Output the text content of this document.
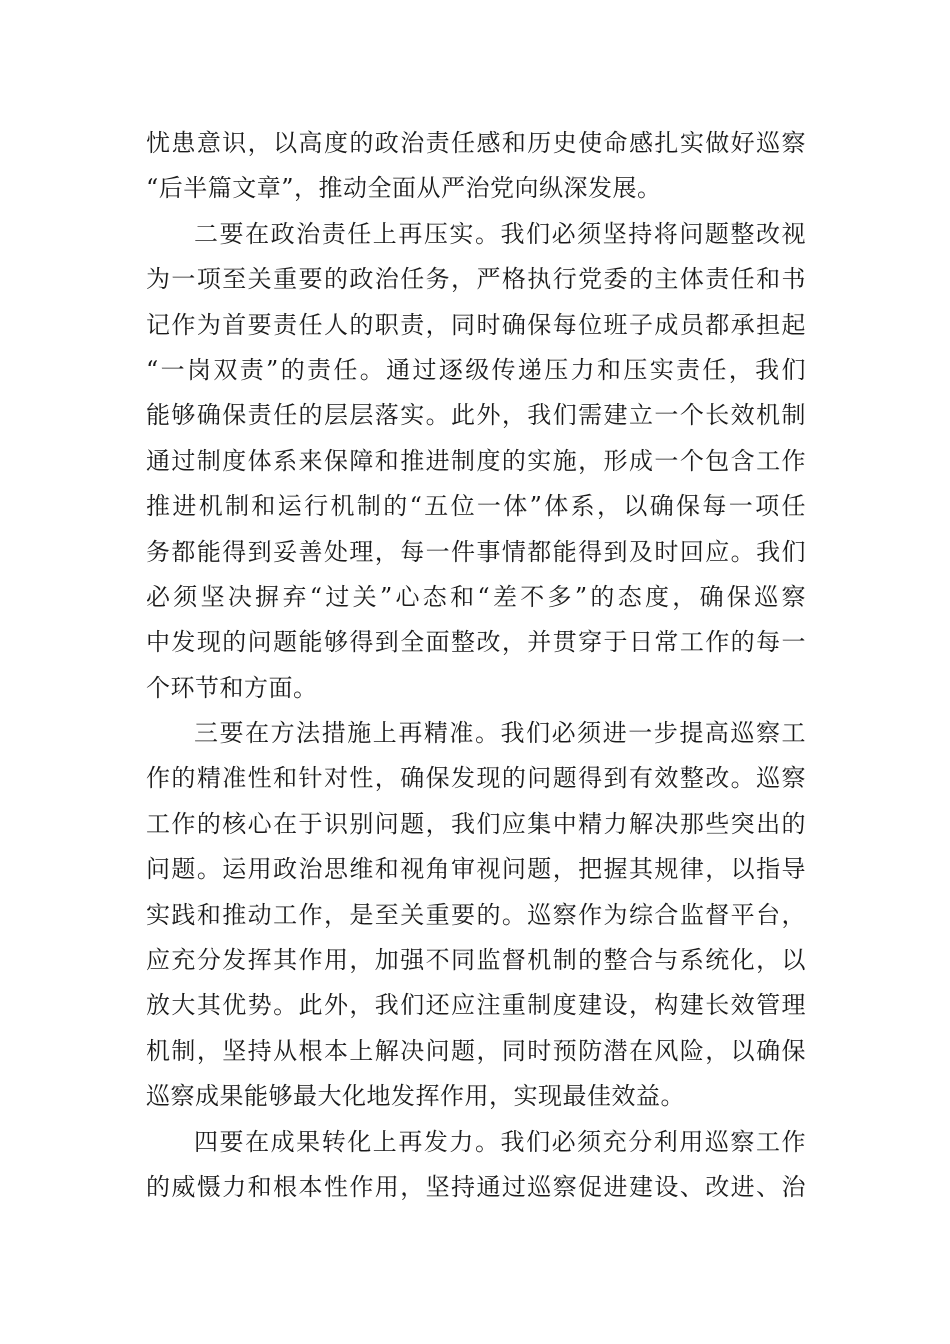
忧患意识，以高度的政治责任感和历史使命感扎实做好巡察
“后半篇文章”，推动全面从严治党向纵深发展。
二要在政治责任上再压实。我们必须坚持将问题整改视
为一项至关重要的政治任务，严格执行党委的主体责任和书
记作为首要责任人的职责，同时确保每位班子成员都承担起
“一岗双责”的责任。通过逐级传递压力和压实责任，我们
能够确保责任的层层落实。此外，我们需建立一个长效机制
通过制度体系来保障和推进制度的实施，形成一个包含工作
推进机制和运行机制的“五位一体”体系，以确保每一项任
务都能得到妥善处理，每一件事情都能得到及时回应。我们
必须坚决摒弃“过关”心态和“差不多”的态度，确保巡察
中发现的问题能够得到全面整改，并贯穿于日常工作的每一
个环节和方面。
三要在方法措施上再精准。我们必须进一步提高巡察工
作的精准性和针对性，确保发现的问题得到有效整改。巡察
工作的核心在于识别问题，我们应集中精力解决那些突出的
问题。运用政治思维和视角审视问题，把握其规律，以指导
实践和推动工作，是至关重要的。巡察作为综合监督平台，
应充分发挥其作用，加强不同监督机制的整合与系统化，以
放大其优势。此外，我们还应注重制度建设，构建长效管理
机制，坚持从根本上解决问题，同时预防潜在风险，以确保
巡察成果能够最大化地发挥作用，实现最佳效益。
四要在成果转化上再发力。我们必须充分利用巡察工作
的威慑力和根本性作用，坚持通过巡察促进建设、改进、治
